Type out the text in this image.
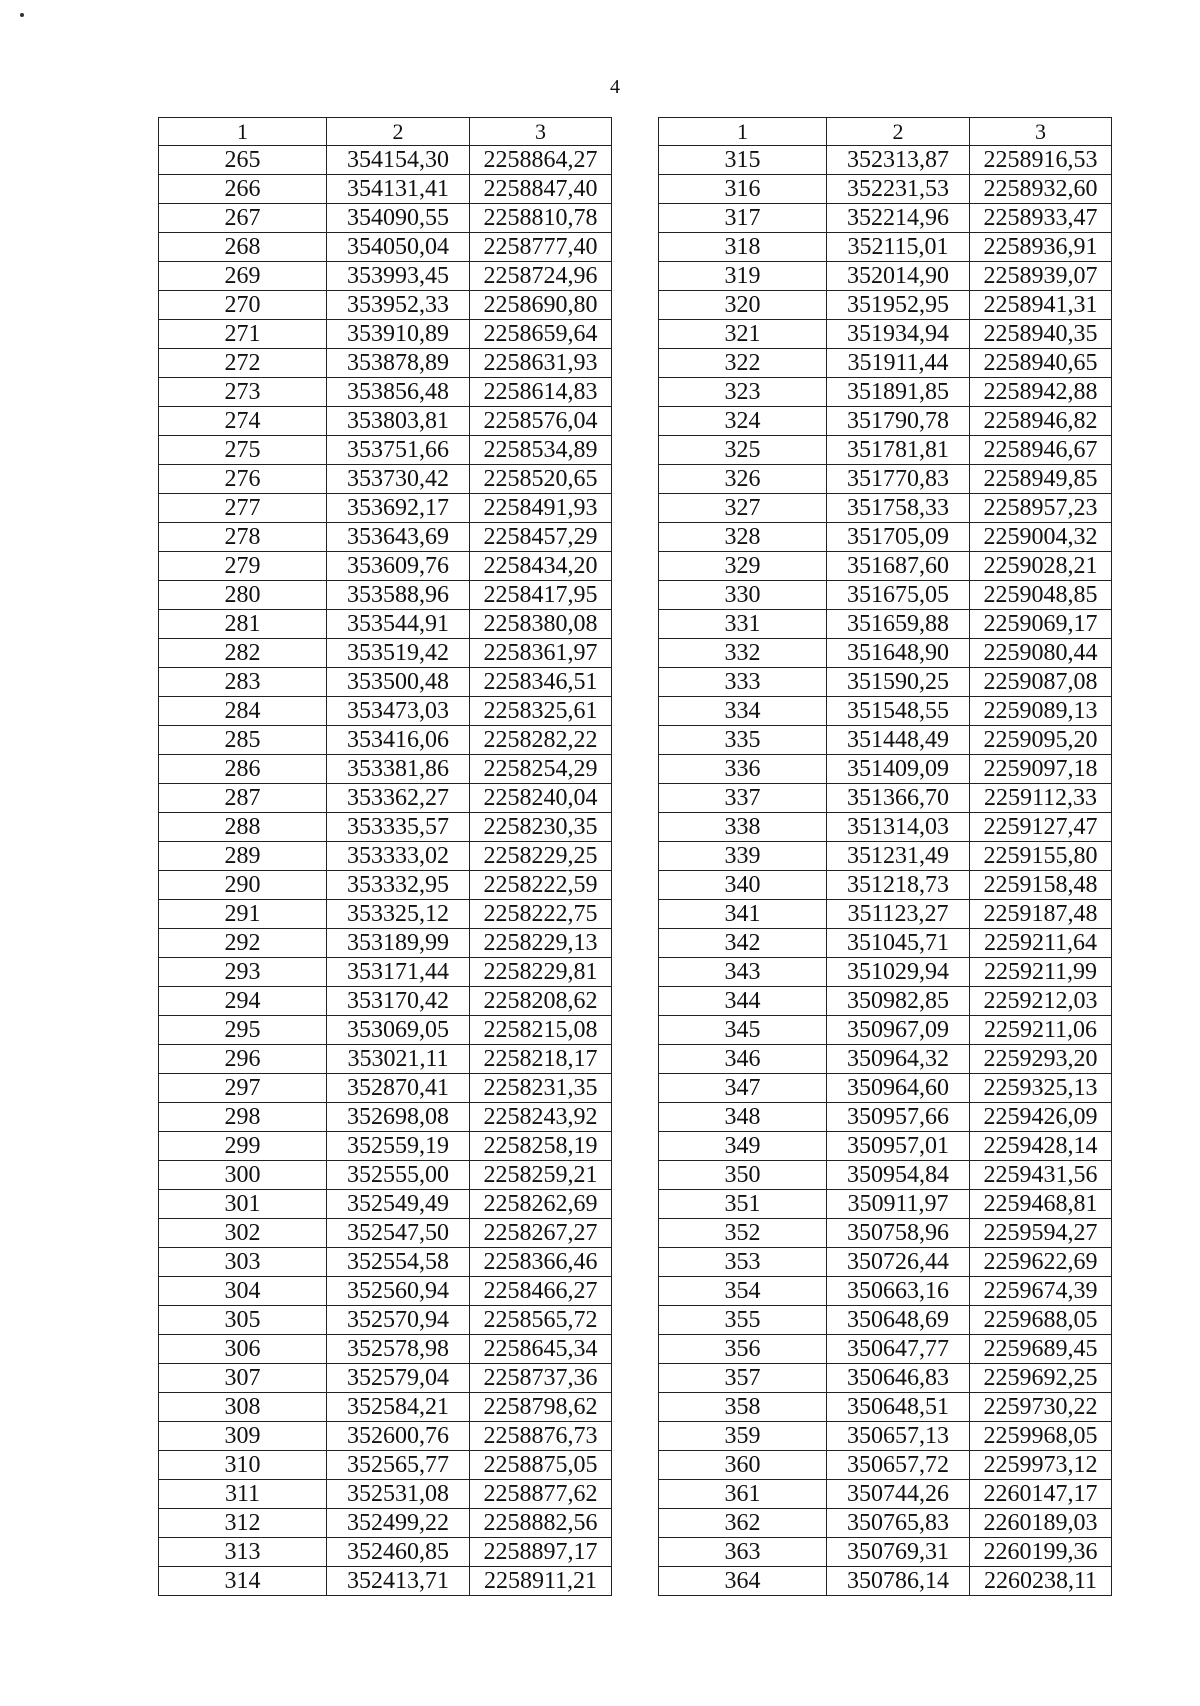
4
1	2	3
265	354154,30	2258864,27
266	354131,41	2258847,40
267	354090,55	2258810,78
268	354050,04	2258777,40
269	353993,45	2258724,96
270	353952,33	2258690,80
271	353910,89	2258659,64
272	353878,89	2258631,93
273	353856,48	2258614,83
274	353803,81	2258576,04
275	353751,66	2258534,89
276	353730,42	2258520,65
277	353692,17	2258491,93
278	353643,69	2258457,29
279	353609,76	2258434,20
280	353588,96	2258417,95
281	353544,91	2258380,08
282	353519,42	2258361,97
283	353500,48	2258346,51
284	353473,03	2258325,61
285	353416,06	2258282,22
286	353381,86	2258254,29
287	353362,27	2258240,04
288	353335,57	2258230,35
289	353333,02	2258229,25
290	353332,95	2258222,59
291	353325,12	2258222,75
292	353189,99	2258229,13
293	353171,44	2258229,81
294	353170,42	2258208,62
295	353069,05	2258215,08
296	353021,11	2258218,17
297	352870,41	2258231,35
298	352698,08	2258243,92
299	352559,19	2258258,19
300	352555,00	2258259,21
301	352549,49	2258262,69
302	352547,50	2258267,27
303	352554,58	2258366,46
304	352560,94	2258466,27
305	352570,94	2258565,72
306	352578,98	2258645,34
307	352579,04	2258737,36
308	352584,21	2258798,62
309	352600,76	2258876,73
310	352565,77	2258875,05
311	352531,08	2258877,62
312	352499,22	2258882,56
313	352460,85	2258897,17
314	352413,71	2258911,21
1	2	3
315	352313,87	2258916,53
316	352231,53	2258932,60
317	352214,96	2258933,47
318	352115,01	2258936,91
319	352014,90	2258939,07
320	351952,95	2258941,31
321	351934,94	2258940,35
322	351911,44	2258940,65
323	351891,85	2258942,88
324	351790,78	2258946,82
325	351781,81	2258946,67
326	351770,83	2258949,85
327	351758,33	2258957,23
328	351705,09	2259004,32
329	351687,60	2259028,21
330	351675,05	2259048,85
331	351659,88	2259069,17
332	351648,90	2259080,44
333	351590,25	2259087,08
334	351548,55	2259089,13
335	351448,49	2259095,20
336	351409,09	2259097,18
337	351366,70	2259112,33
338	351314,03	2259127,47
339	351231,49	2259155,80
340	351218,73	2259158,48
341	351123,27	2259187,48
342	351045,71	2259211,64
343	351029,94	2259211,99
344	350982,85	2259212,03
345	350967,09	2259211,06
346	350964,32	2259293,20
347	350964,60	2259325,13
348	350957,66	2259426,09
349	350957,01	2259428,14
350	350954,84	2259431,56
351	350911,97	2259468,81
352	350758,96	2259594,27
353	350726,44	2259622,69
354	350663,16	2259674,39
355	350648,69	2259688,05
356	350647,77	2259689,45
357	350646,83	2259692,25
358	350648,51	2259730,22
359	350657,13	2259968,05
360	350657,72	2259973,12
361	350744,26	2260147,17
362	350765,83	2260189,03
363	350769,31	2260199,36
364	350786,14	2260238,11
